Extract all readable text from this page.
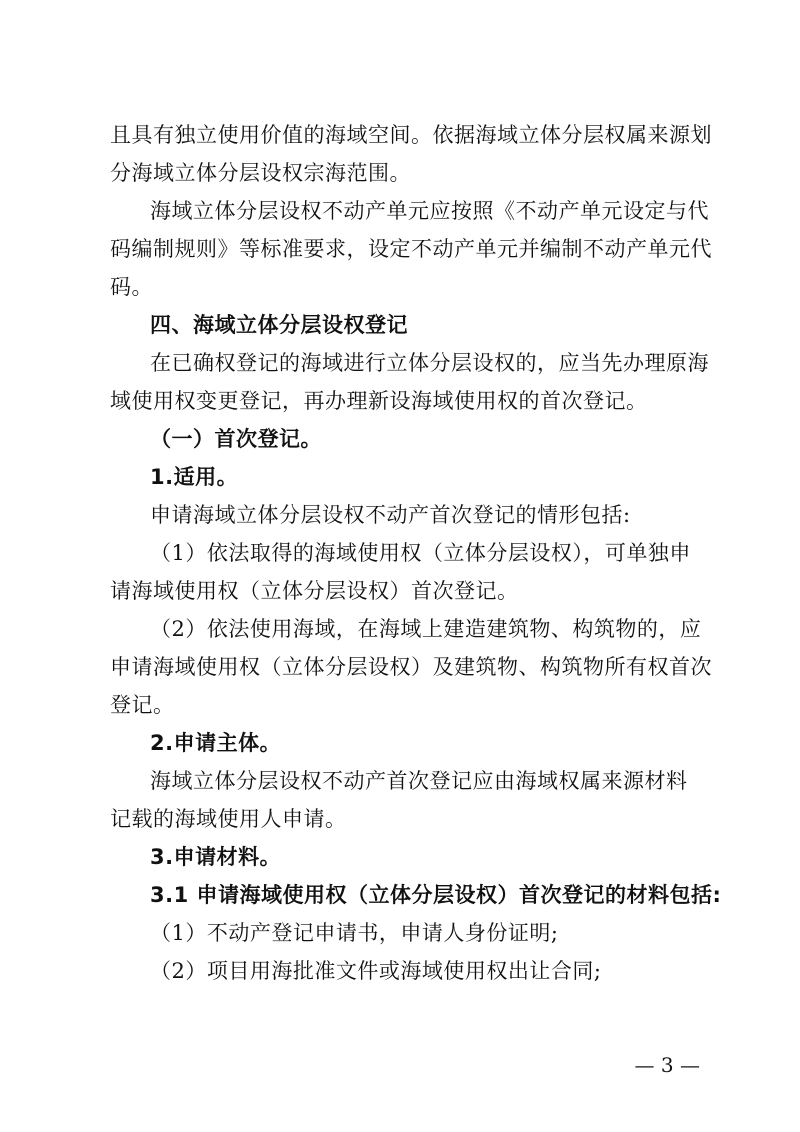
且具有独立使用价值的海域空间。依据海域立体分层权属来源划
分海域立体分层设权宗海范围。
海域立体分层设权不动产单元应按照《不动产单元设定与代
码编制规则》等标准要求，设定不动产单元并编制不动产单元代
码。
四、海域立体分层设权登记
在已确权登记的海域进行立体分层设权的，应当先办理原海
域使用权变更登记，再办理新设海域使用权的首次登记。
（一）首次登记。
1.适用。
申请海域立体分层设权不动产首次登记的情形包括:
（1）依法取得的海域使用权（立体分层设权），可单独申
请海域使用权（立体分层设权）首次登记。
（2）依法使用海域，在海域上建造建筑物、构筑物的，应
申请海域使用权（立体分层设权）及建筑物、构筑物所有权首次
登记。
2.申请主体。
海域立体分层设权不动产首次登记应由海域权属来源材料
记载的海域使用人申请。
3.申请材料。
3.1 申请海域使用权（立体分层设权）首次登记的材料包括:
（1）不动产登记申请书，申请人身份证明;
（2）项目用海批准文件或海域使用权出让合同;
— 3 —
